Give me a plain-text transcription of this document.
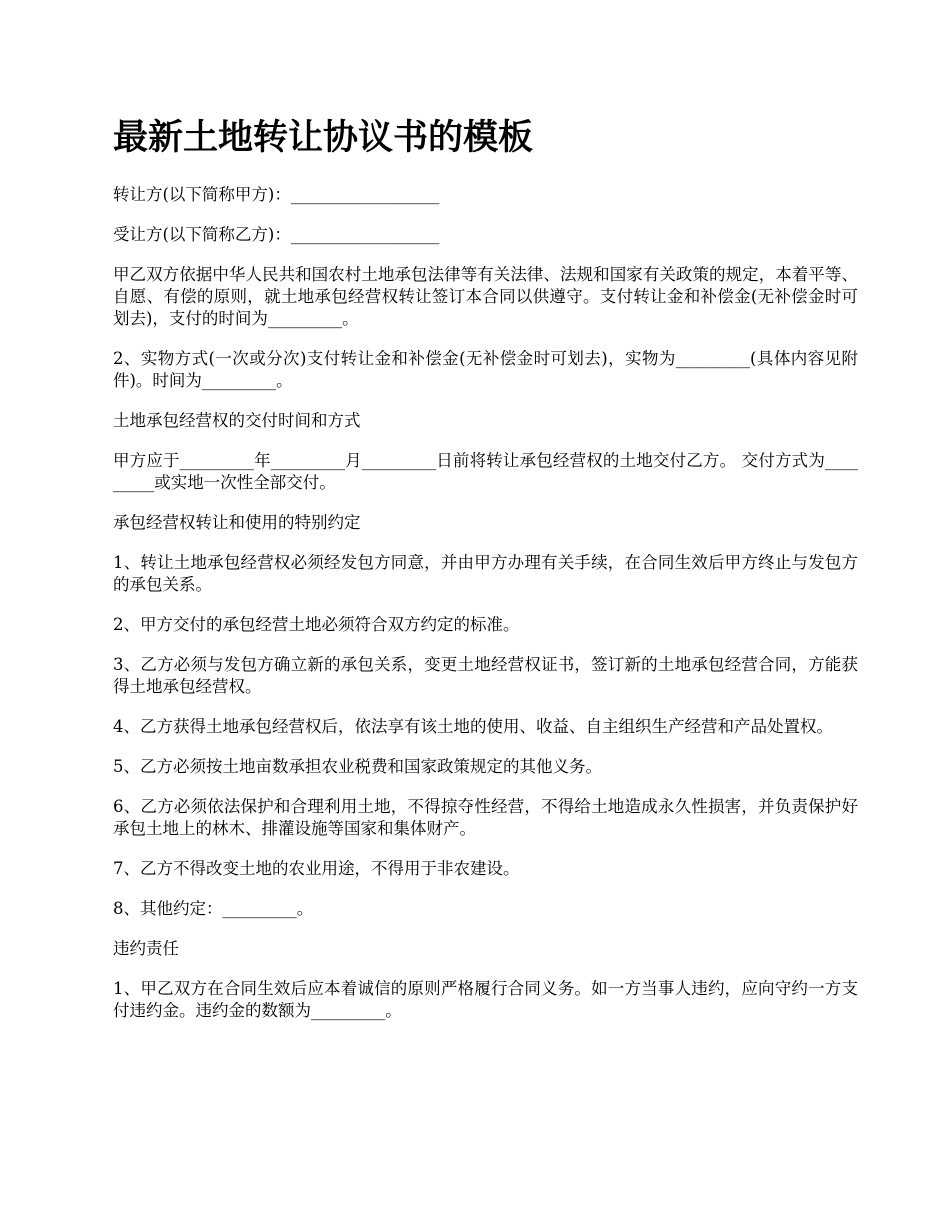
最新土地转让协议书的模板

转让方(以下简称甲方)：__________________

受让方(以下简称乙方)：__________________

甲乙双方依据中华人民共和国农村土地承包法律等有关法律、法规和国家有关政策的规定，本着平等、自愿、有偿的原则，就土地承包经营权转让签订本合同以供遵守。支付转让金和补偿金(无补偿金时可划去)，支付的时间为_________。

2、实物方式(一次或分次)支付转让金和补偿金(无补偿金时可划去)，实物为_________(具体内容见附件)。时间为_________。

土地承包经营权的交付时间和方式

甲方应于_________年_________月_________日前将转让承包经营权的土地交付乙方。 交付方式为_________或实地一次性全部交付。

承包经营权转让和使用的特别约定

1、转让土地承包经营权必须经发包方同意，并由甲方办理有关手续，在合同生效后甲方终止与发包方的承包关系。

2、甲方交付的承包经营土地必须符合双方约定的标准。

3、乙方必须与发包方确立新的承包关系，变更土地经营权证书，签订新的土地承包经营合同，方能获得土地承包经营权。

4、乙方获得土地承包经营权后，依法享有该土地的使用、收益、自主组织生产经营和产品处置权。

5、乙方必须按土地亩数承担农业税费和国家政策规定的其他义务。

6、乙方必须依法保护和合理利用土地，不得掠夺性经营，不得给土地造成永久性损害，并负责保护好承包土地上的林木、排灌设施等国家和集体财产。

7、乙方不得改变土地的农业用途，不得用于非农建设。

8、其他约定：_________。

违约责任

1、甲乙双方在合同生效后应本着诚信的原则严格履行合同义务。如一方当事人违约，应向守约一方支付违约金。违约金的数额为_________。
